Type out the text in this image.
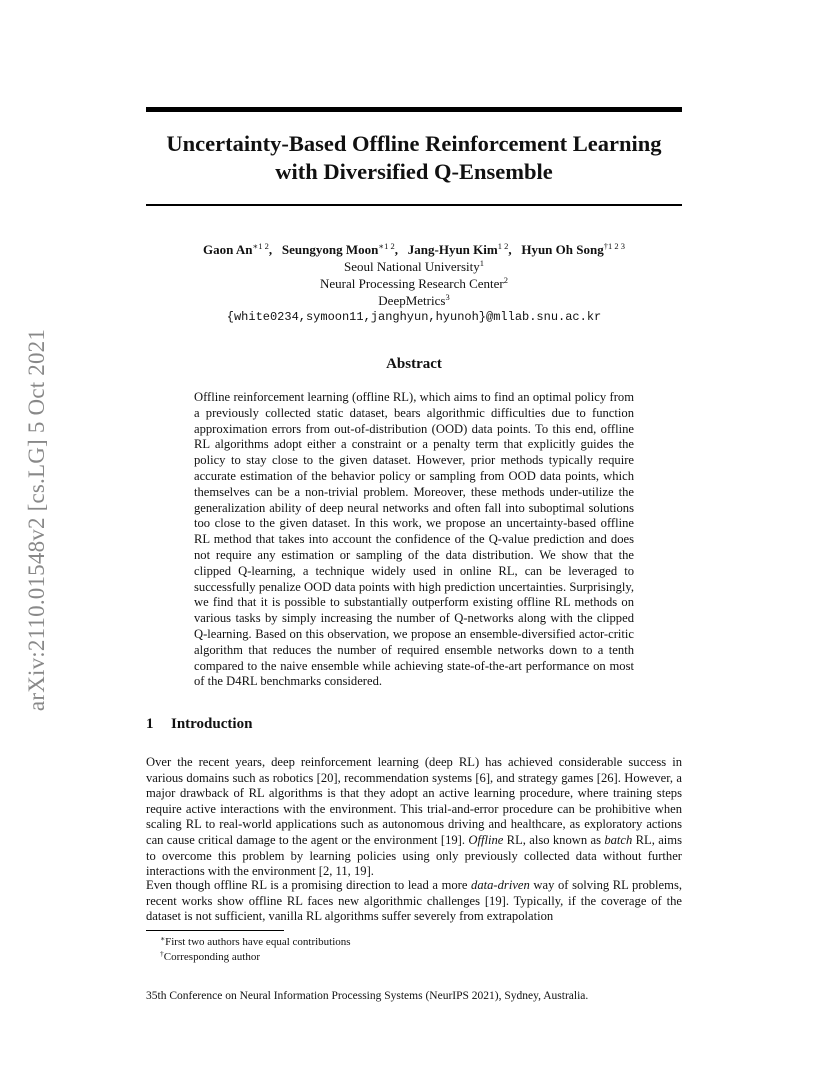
arXiv:2110.01548v2 [cs.LG] 5 Oct 2021
Uncertainty-Based Offline Reinforcement Learning
with Diversified Q-Ensemble
Gaon $An^{∗1 2}$,   Seungyong Moon$^{∗1 2}$,   Jang-Hyun Kim$^{1 2}$,   Hyun Oh Song$^{\dagger 1 2 3}$
Seoul National University$^1$
Neural Processing Research Center$^2$
DeepMetrics$^3$
{white0234,symoon11,janghyun,hyunoh}@mllab.snu.ac.kr
Abstract

Offline reinforcement learning (offline RL), which aims to find an optimal policy from a previously collected static dataset, bears algorithmic difficulties due to function approximation errors from out-of-distribution (OOD) data points. To this end, offline RL algorithms adopt either a constraint or a penalty term that explicitly guides the policy to stay close to the given dataset. However, prior methods typically require accurate estimation of the behavior policy or sampling from OOD data points, which themselves can be a non-trivial problem. Moreover, these methods under-utilize the generalization ability of deep neural networks and often fall into suboptimal solutions too close to the given dataset. In this work, we propose an uncertainty-based offline RL method that takes into account the confidence of the Q-value prediction and does not require any estimation or sampling of the data distribution. We show that the clipped Q-learning, a technique widely used in online RL, can be leveraged to successfully penalize OOD data points with high prediction uncertainties. Surprisingly, we find that it is possible to substantially outperform existing offline RL methods on various tasks by simply increasing the number of Q-networks along with the clipped Q-learning. Based on this observation, we propose an ensemble-diversified actor-critic algorithm that reduces the number of required ensemble networks down to a tenth compared to the naive ensemble while achieving state-of-the-art performance on most of the D4RL benchmarks considered.

1 Introduction

Over the recent years, deep reinforcement learning (deep RL) has achieved considerable success in various domains such as robotics [20], recommendation systems [6], and strategy games [26]. However, a major drawback of RL algorithms is that they adopt an active learning procedure, where training steps require active interactions with the environment. This trial-and-error procedure can be prohibitive when scaling RL to real-world applications such as autonomous driving and healthcare, as exploratory actions can cause critical damage to the agent or the environment [19]. Offline RL, also known as batch RL, aims to overcome this problem by learning policies using only previously collected data without further interactions with the environment [2, 11, 19].

Even though offline RL is a promising direction to lead a more data-driven way of solving RL problems, recent works show offline RL faces new algorithmic challenges [19]. Typically, if the coverage of the dataset is not sufficient, vanilla RL algorithms suffer severely from extrapolation

∗First two authors have equal contributions
†Corresponding author
35th Conference on Neural Information Processing Systems (NeurIPS 2021), Sydney, Australia.
